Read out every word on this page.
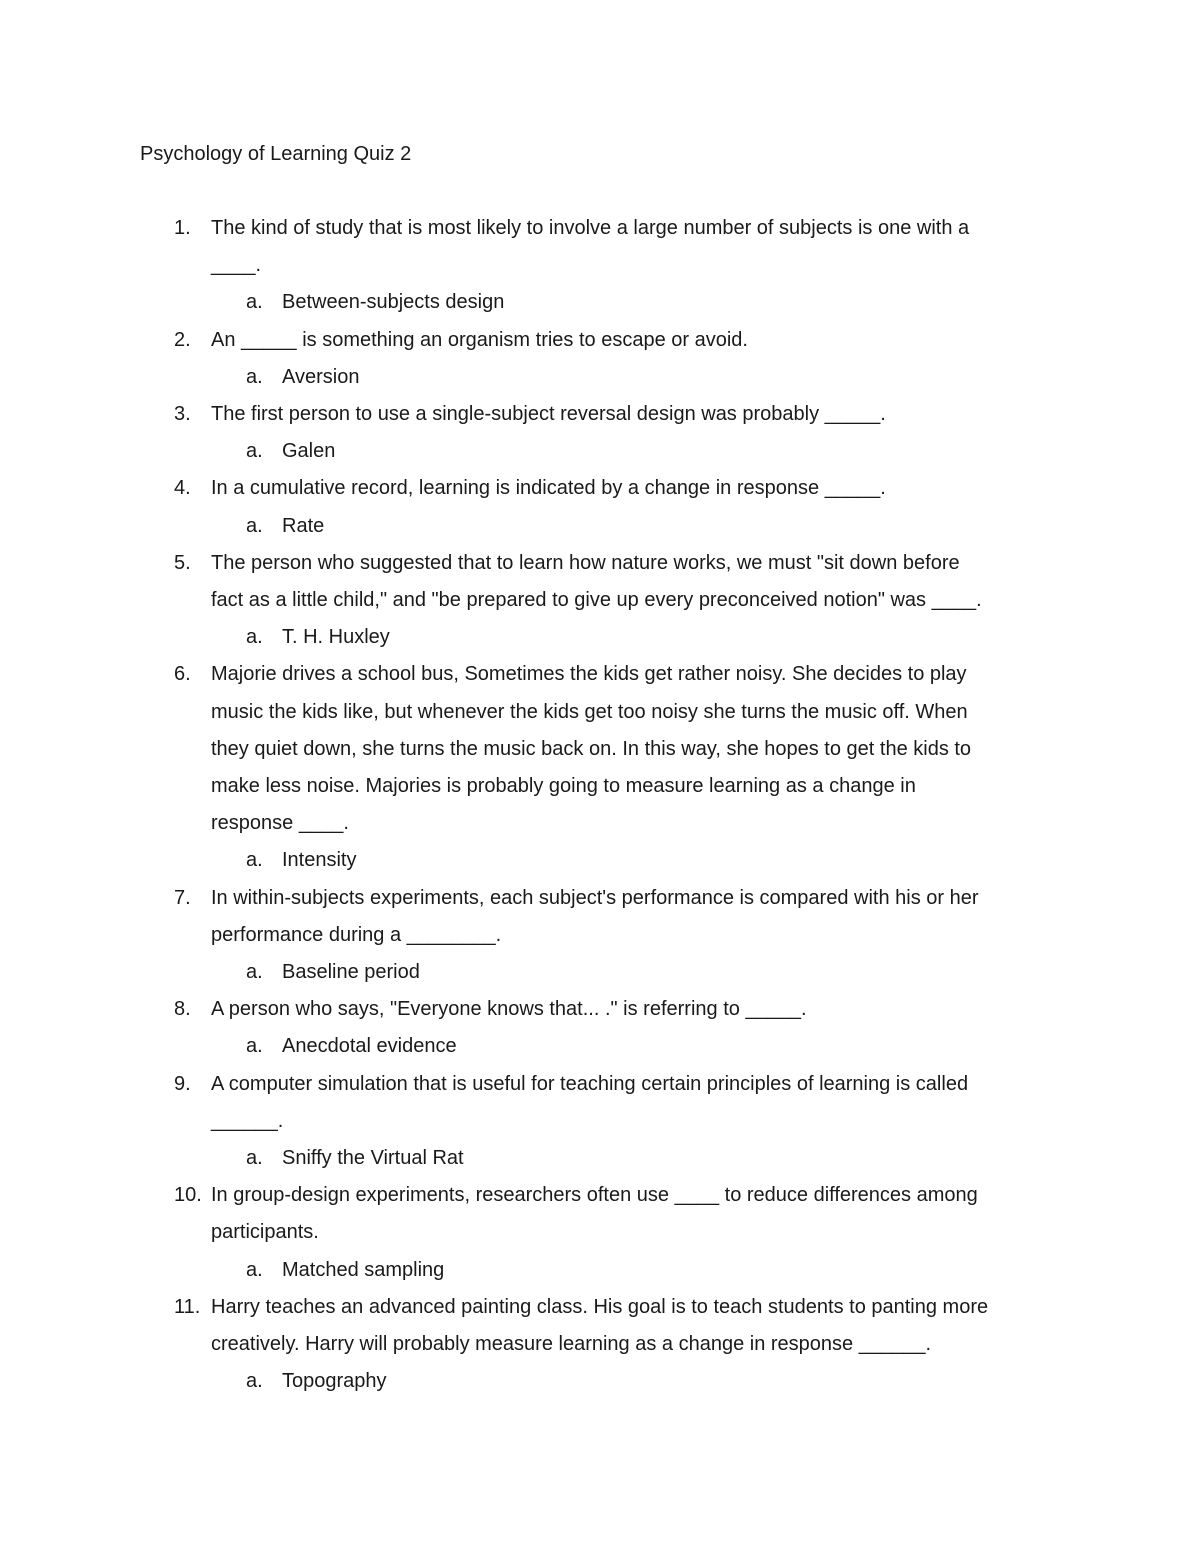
Psychology of Learning Quiz 2
1. The kind of study that is most likely to involve a large number of subjects is one with a
____.
a. Between-subjects design
2. An _____ is something an organism tries to escape or avoid.
a. Aversion
3. The first person to use a single-subject reversal design was probably _____.
a. Galen
4. In a cumulative record, learning is indicated by a change in response _____.
a. Rate
5. The person who suggested that to learn how nature works, we must "sit down before
fact as a little child," and "be prepared to give up every preconceived notion" was ____.
a. T. H. Huxley
6. Majorie drives a school bus, Sometimes the kids get rather noisy. She decides to play
music the kids like, but whenever the kids get too noisy she turns the music off. When
they quiet down, she turns the music back on. In this way, she hopes to get the kids to
make less noise. Majories is probably going to measure learning as a change in
response ____.
a. Intensity
7. In within-subjects experiments, each subject's performance is compared with his or her
performance during a ________.
a. Baseline period
8. A person who says, "Everyone knows that... ." is referring to _____.
a. Anecdotal evidence
9. A computer simulation that is useful for teaching certain principles of learning is called
______.
a. Sniffy the Virtual Rat
10. In group-design experiments, researchers often use ____ to reduce differences among
participants.
a. Matched sampling
11. Harry teaches an advanced painting class. His goal is to teach students to panting more
creatively. Harry will probably measure learning as a change in response ______.
a. Topography
